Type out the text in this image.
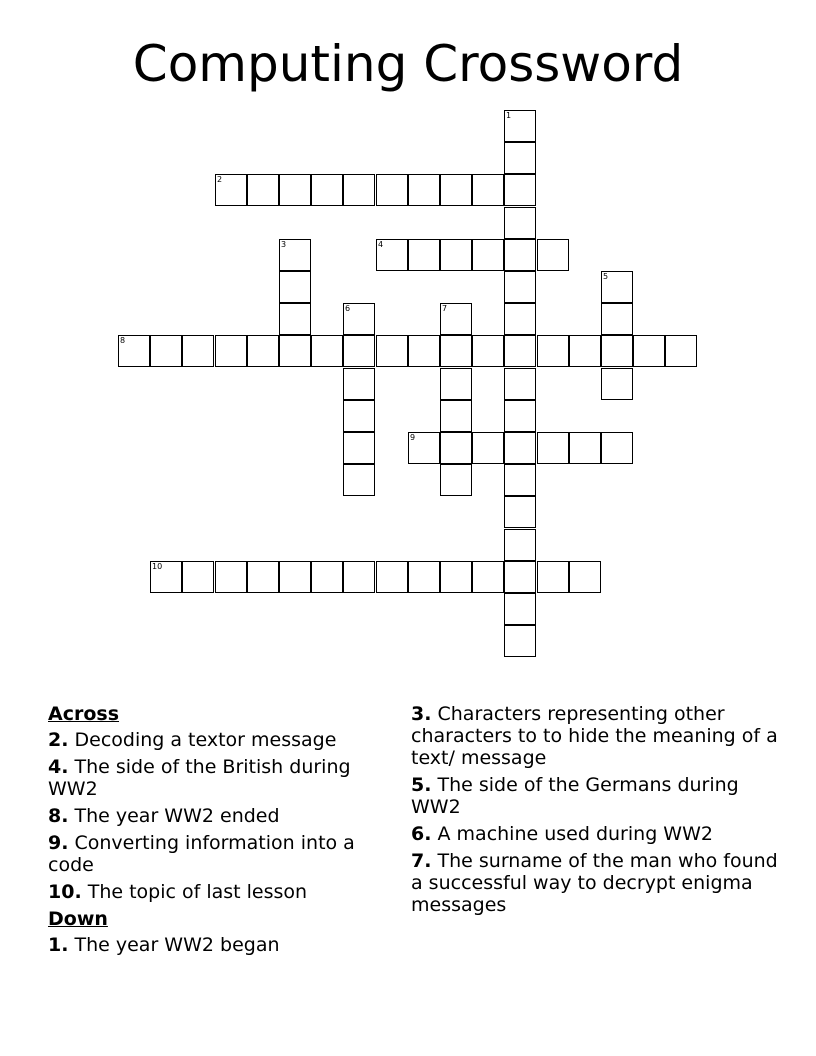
Computing Crossword
1
2
3	4
5
6	7
8
9
10
Across
2. Decoding a textor message
4. The side of the British during WW2
8. The year WW2 ended
9. Converting information into a code
10. The topic of last lesson
Down
1. The year WW2 began
3. Characters representing other characters to to hide the meaning of a text/ message
5. The side of the Germans during WW2
6. A machine used during WW2
7. The surname of the man who found a successful way to decrypt enigma messages
